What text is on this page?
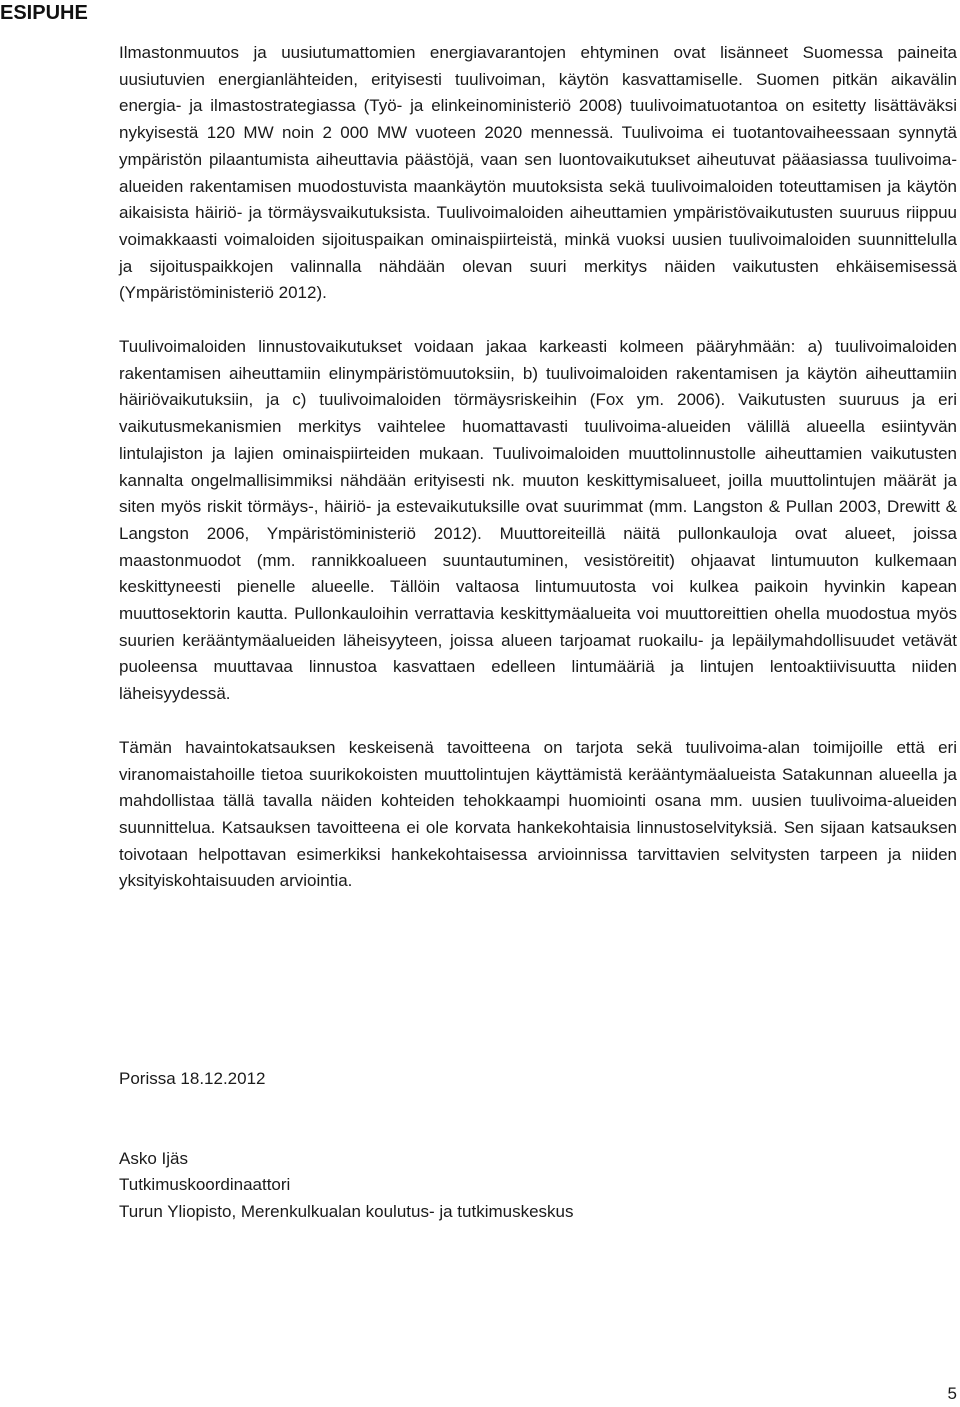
ESIPUHE

Ilmastonmuutos ja uusiutumattomien energiavarantojen ehtyminen ovat lisänneet Suomessa paineita uusiutuvien energianlähteiden, erityisesti tuulivoiman, käytön kasvattamiselle. Suomen pitkän aikavälin energia- ja ilmastostrategiassa (Työ- ja elinkeinoministeriö 2008) tuulivoimatuotantoa on esitetty lisättäväksi nykyisestä 120 MW noin 2 000 MW vuoteen 2020 mennessä. Tuulivoima ei tuotantovaiheessaan synnytä ympäristön pilaantumista aiheuttavia päästöjä, vaan sen luontovaikutukset aiheutuvat pääasiassa tuulivoima-alueiden rakentamisen muodostuvista maankäytön muutoksista sekä tuulivoimaloiden toteuttamisen ja käytön aikaisista häiriö- ja törmäysvaikutuksista. Tuulivoimaloiden aiheuttamien ympäristövaikutusten suuruus riippuu voimakkaasti voimaloiden sijoituspaikan ominaispiirteistä, minkä vuoksi uusien tuulivoimaloiden suunnittelulla ja sijoituspaikkojen valinnalla nähdään olevan suuri merkitys näiden vaikutusten ehkäisemisessä (Ympäristöministeriö 2012).

Tuulivoimaloiden linnustovaikutukset voidaan jakaa karkeasti kolmeen pääryhmään: a) tuulivoimaloiden rakentamisen aiheuttamiin elinympäristömuutoksiin, b) tuulivoimaloiden rakentamisen ja käytön aiheuttamiin häiriövaikutuksiin, ja c) tuulivoimaloiden törmäysriskeihin (Fox ym. 2006). Vaikutusten suuruus ja eri vaikutusmekanismien merkitys vaihtelee huomattavasti tuulivoima-alueiden välillä alueella esiintyvän lintulajiston ja lajien ominaispiirteiden mukaan. Tuulivoimaloiden muuttolinnustolle aiheuttamien vaikutusten kannalta ongelmallisimmiksi nähdään erityisesti nk. muuton keskittymisalueet, joilla muuttolintujen määrät ja siten myös riskit törmäys-, häiriö- ja estevaikutuksille ovat suurimmat (mm. Langston & Pullan 2003, Drewitt & Langston 2006, Ympäristöministeriö 2012). Muuttoreiteillä näitä pullonkauloja ovat alueet, joissa maastonmuodot (mm. rannikkoalueen suuntautuminen, vesistöreitit) ohjaavat lintumuuton kulkemaan keskittyneesti pienelle alueelle. Tällöin valtaosa lintumuutosta voi kulkea paikoin hyvinkin kapean muuttosektorin kautta. Pullonkauloihin verrattavia keskittymäalueita voi muuttoreittien ohella muodostua myös suurien kerääntymäalueiden läheisyyteen, joissa alueen tarjoamat ruokailu- ja lepäilymahdollisuudet vetävät puoleensa muuttavaa linnustoa kasvattaen edelleen lintumääriä ja lintujen lentoaktiivisuutta niiden läheisyydessä.

Tämän havaintokatsauksen keskeisenä tavoitteena on tarjota sekä tuulivoima-alan toimijoille että eri viranomaistahoille tietoa suurikokoisten muuttolintujen käyttämistä kerääntymäalueista Satakunnan alueella ja mahdollistaa tällä tavalla näiden kohteiden tehokkaampi huomiointi osana mm. uusien tuulivoima-alueiden suunnittelua. Katsauksen tavoitteena ei ole korvata hankekohtaisia linnustoselvityksiä. Sen sijaan katsauksen toivotaan helpottavan esimerkiksi hankekohtaisessa arvioinnissa tarvittavien selvitysten tarpeen ja niiden yksityiskohtaisuuden arviointia.

Porissa 18.12.2012
Asko Ijäs
Tutkimuskoordinaattori
Turun Yliopisto, Merenkulkualan koulutus- ja tutkimuskeskus
5
